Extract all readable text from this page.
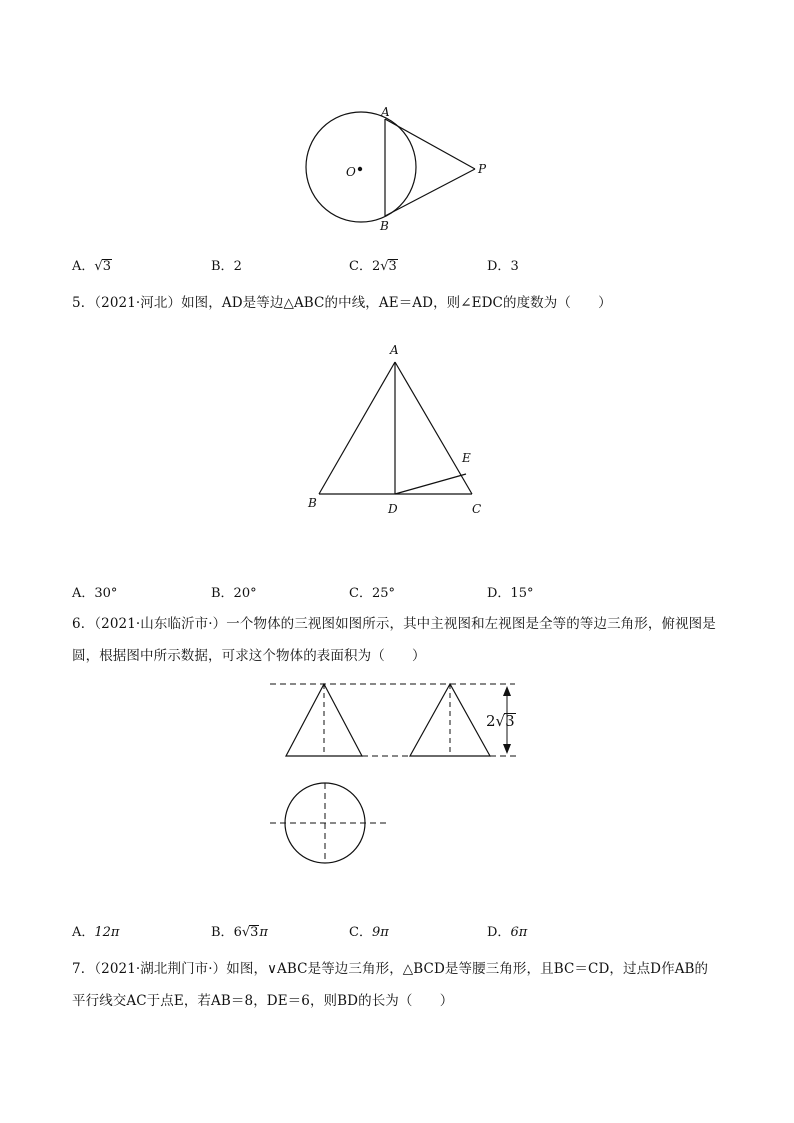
A
B
O	P
A
B	C
D
E
2√3
A．√3	B．2	C．2√3	D．3
5．（2021·河北）如图，AD是等边△ABC的中线，AE＝AD，则∠EDC的度数为（　　）
A．30°	B．20°	C．25°	D．15°
6．（2021·山东临沂市·）一个物体的三视图如图所示，其中主视图和左视图是全等的等边三角形，俯视图是
圆，根据图中所示数据，可求这个物体的表面积为（　　）
A．12π	B．6√3π	C．9π	D．6π
7．（2021·湖北荆门市·）如图，∨ABC是等边三角形，△BCD是等腰三角形，且BC＝CD，过点D作AB的
平行线交AC于点E，若AB＝8，DE＝6，则BD的长为（　　）
